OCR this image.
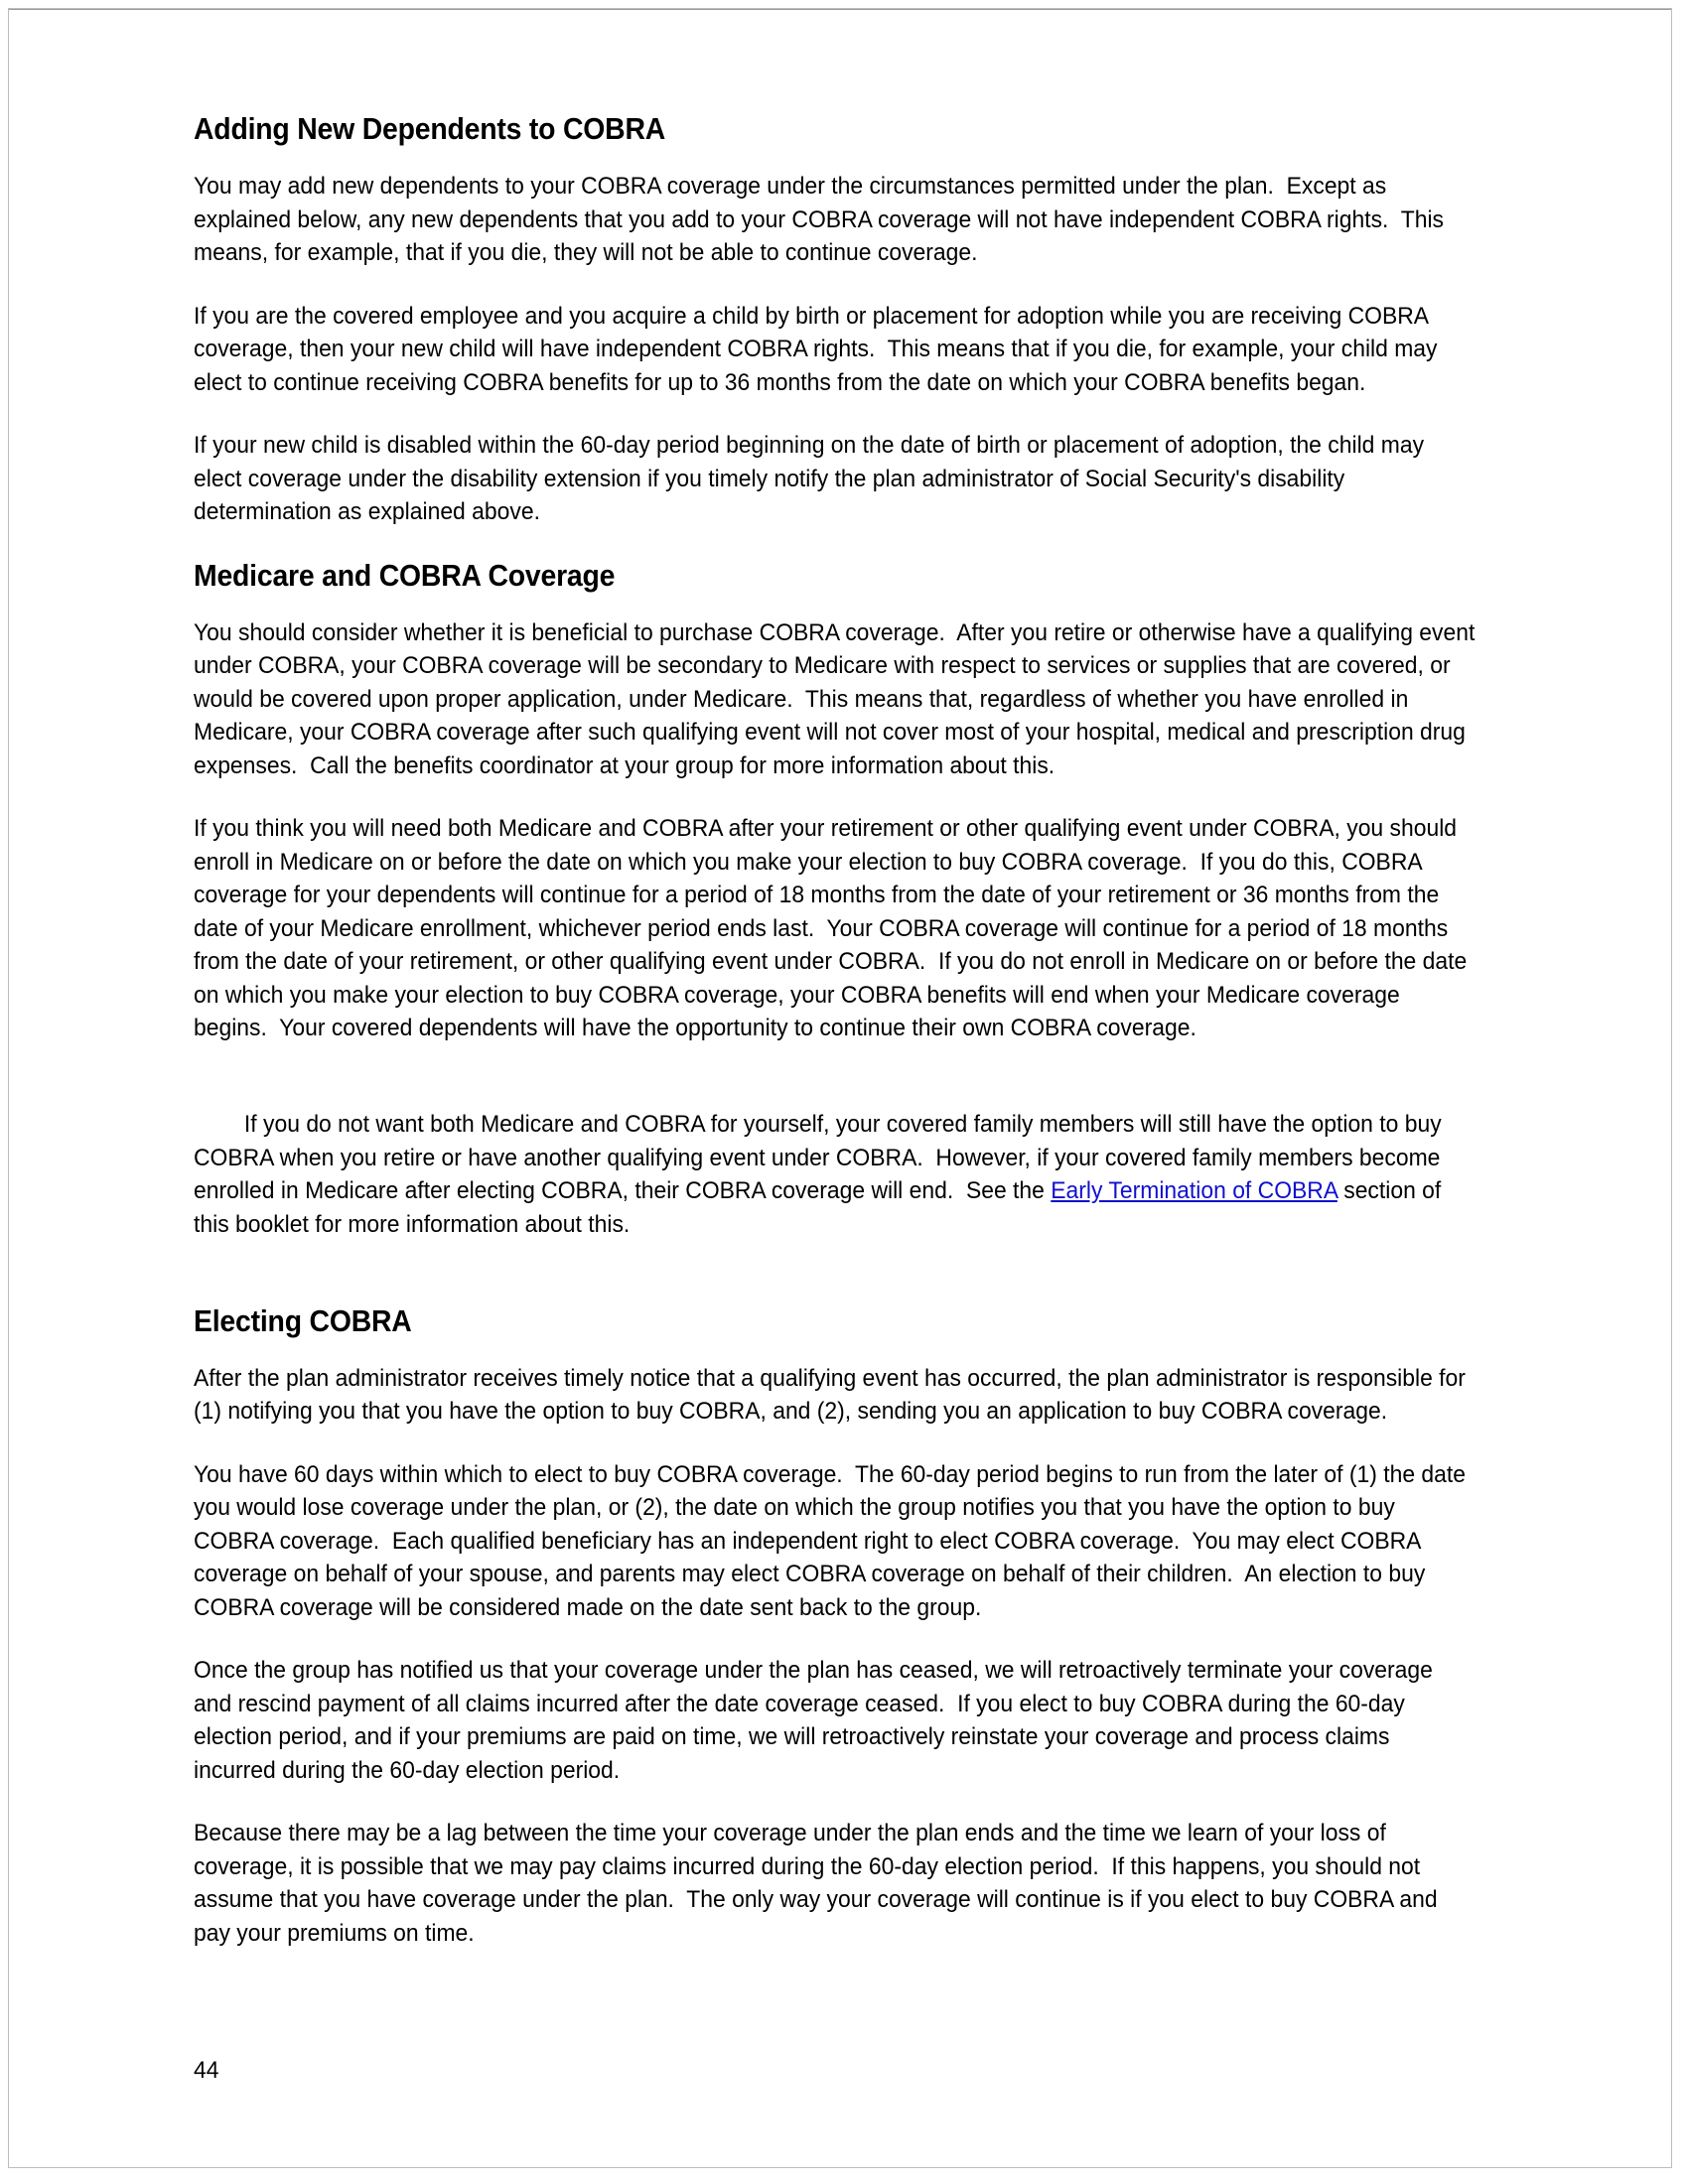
Adding New Dependents to COBRA

You may add new dependents to your COBRA coverage under the circumstances permitted under the plan.  Except as explained below, any new dependents that you add to your COBRA coverage will not have independent COBRA rights.  This means, for example, that if you die, they will not be able to continue coverage.

If you are the covered employee and you acquire a child by birth or placement for adoption while you are receiving COBRA coverage, then your new child will have independent COBRA rights.  This means that if you die, for example, your child may elect to continue receiving COBRA benefits for up to 36 months from the date on which your COBRA benefits began.

If your new child is disabled within the 60-day period beginning on the date of birth or placement of adoption, the child may elect coverage under the disability extension if you timely notify the plan administrator of Social Security's disability determination as explained above.

Medicare and COBRA Coverage

You should consider whether it is beneficial to purchase COBRA coverage.  After you retire or otherwise have a qualifying event under COBRA, your COBRA coverage will be secondary to Medicare with respect to services or supplies that are covered, or would be covered upon proper application, under Medicare.  This means that, regardless of whether you have enrolled in Medicare, your COBRA coverage after such qualifying event will not cover most of your hospital, medical and prescription drug expenses.  Call the benefits coordinator at your group for more information about this.

If you think you will need both Medicare and COBRA after your retirement or other qualifying event under COBRA, you should enroll in Medicare on or before the date on which you make your election to buy COBRA coverage.  If you do this, COBRA coverage for your dependents will continue for a period of 18 months from the date of your retirement or 36 months from the date of your Medicare enrollment, whichever period ends last.  Your COBRA coverage will continue for a period of 18 months from the date of your retirement, or other qualifying event under COBRA.  If you do not enroll in Medicare on or before the date on which you make your election to buy COBRA coverage, your COBRA benefits will end when your Medicare coverage begins.  Your covered dependents will have the opportunity to continue their own COBRA coverage.

If you do not want both Medicare and COBRA for yourself, your covered family members will still have the option to buy COBRA when you retire or have another qualifying event under COBRA.  However, if your covered family members become enrolled in Medicare after electing COBRA, their COBRA coverage will end.  See the Early Termination of COBRA section of this booklet for more information about this.

Electing COBRA

After the plan administrator receives timely notice that a qualifying event has occurred, the plan administrator is responsible for (1) notifying you that you have the option to buy COBRA, and (2), sending you an application to buy COBRA coverage.

You have 60 days within which to elect to buy COBRA coverage.  The 60-day period begins to run from the later of (1) the date you would lose coverage under the plan, or (2), the date on which the group notifies you that you have the option to buy COBRA coverage.  Each qualified beneficiary has an independent right to elect COBRA coverage.  You may elect COBRA coverage on behalf of your spouse, and parents may elect COBRA coverage on behalf of their children.  An election to buy COBRA coverage will be considered made on the date sent back to the group.

Once the group has notified us that your coverage under the plan has ceased, we will retroactively terminate your coverage and rescind payment of all claims incurred after the date coverage ceased.  If you elect to buy COBRA during the 60-day election period, and if your premiums are paid on time, we will retroactively reinstate your coverage and process claims incurred during the 60-day election period.

Because there may be a lag between the time your coverage under the plan ends and the time we learn of your loss of coverage, it is possible that we may pay claims incurred during the 60-day election period.  If this happens, you should not assume that you have coverage under the plan.  The only way your coverage will continue is if you elect to buy COBRA and pay your premiums on time.

44
